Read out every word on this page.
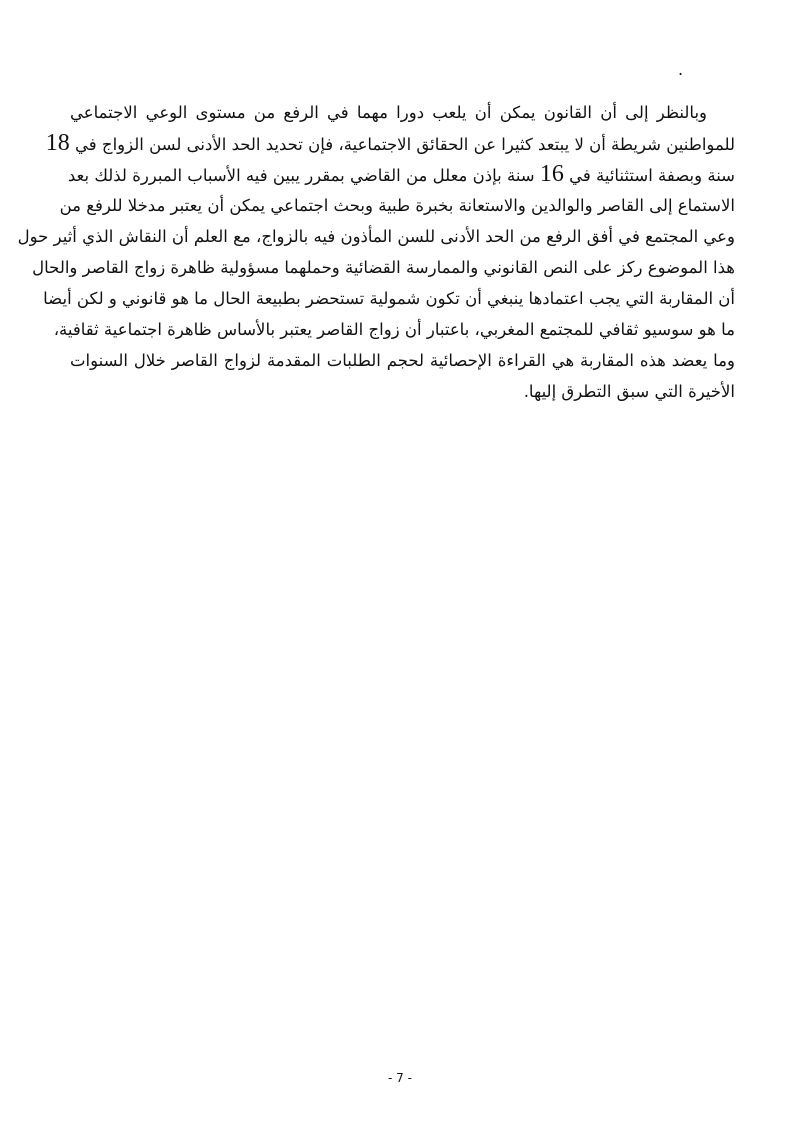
.
وبالنظر إلى أن القانون يمكن أن يلعب دورا مهما في الرفع من مستوى الوعي الاجتماعي
للمواطنين شريطة أن لا يبتعد كثيرا عن الحقائق الاجتماعية، فإن تحديد الحد الأدنى لسن الزواج في 18
سنة وبصفة استثنائية في 16 سنة بإذن معلل من القاضي بمقرر يبين فيه الأسباب المبررة لذلك بعد
الاستماع إلى القاصر والوالدين والاستعانة بخبرة طبية وبحث اجتماعي يمكن أن يعتبر مدخلا للرفع من
وعي المجتمع في أفق الرفع من الحد الأدنى للسن المأذون فيه بالزواج، مع العلم أن النقاش الذي أثير حول
هذا الموضوع ركز على النص القانوني والممارسة القضائية وحملهما مسؤولية ظاهرة زواج القاصر والحال
أن المقاربة التي يجب اعتمادها ينبغي أن تكون شمولية تستحضر بطبيعة الحال ما هو قانوني و لكن أيضا
ما هو سوسيو ثقافي للمجتمع المغربي، باعتبار أن زواج القاصر يعتبر بالأساس ظاهرة اجتماعية ثقافية،
وما يعضد هذه المقاربة هي القراءة الإحصائية لحجم الطلبات المقدمة لزواج القاصر خلال السنوات
الأخيرة التي سبق التطرق إليها.
- 7 -
